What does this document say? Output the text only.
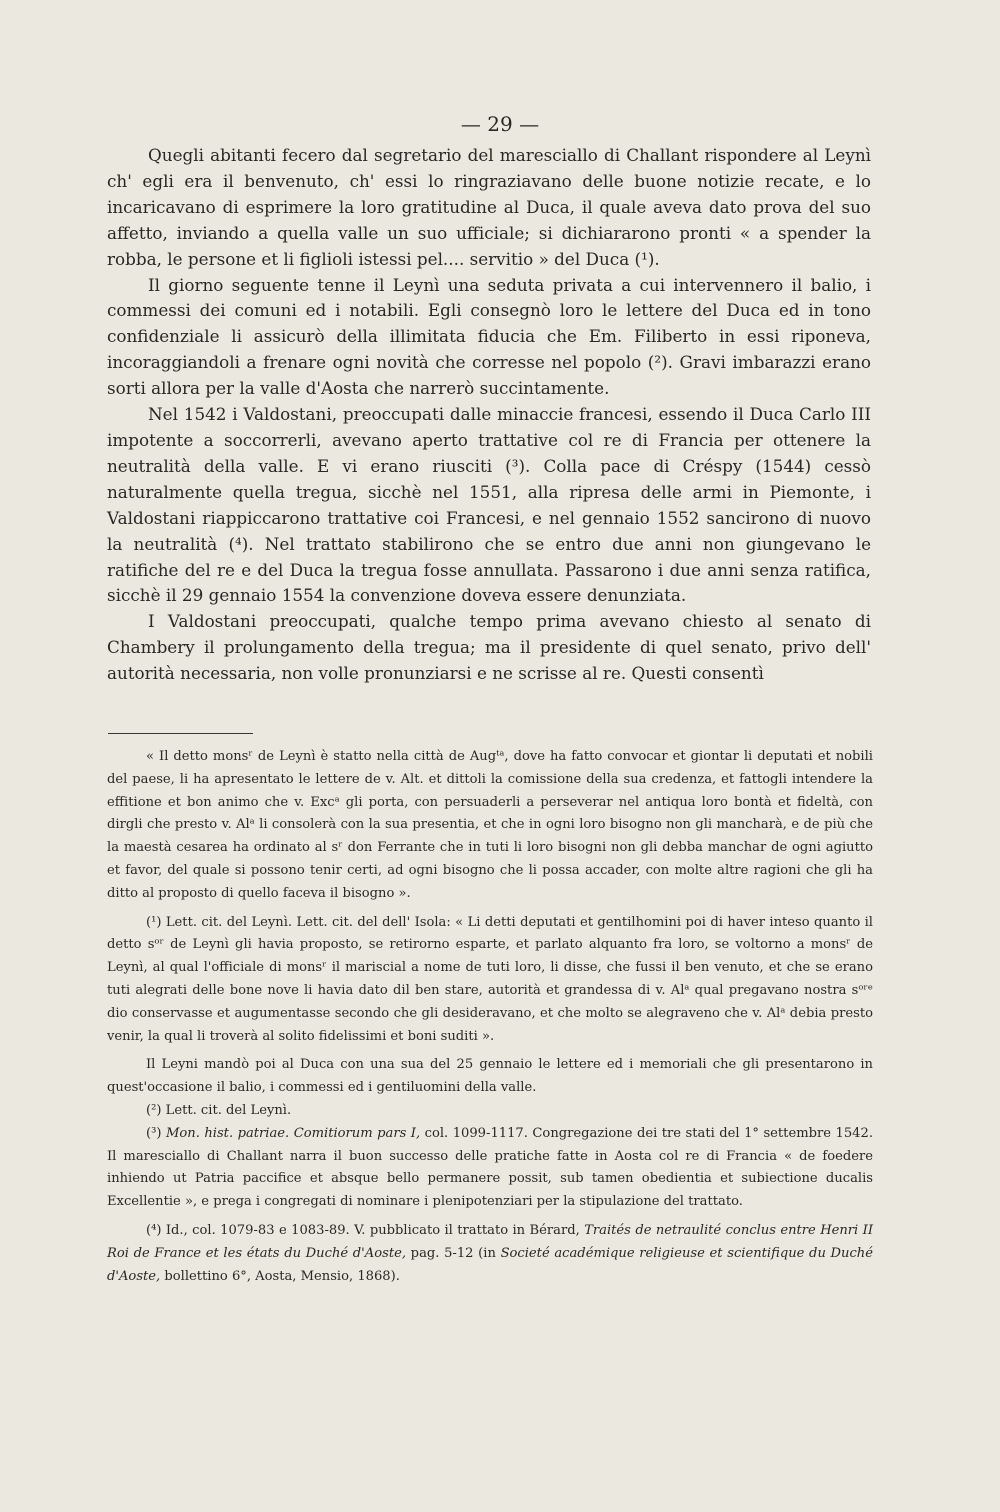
— 29 —

Quegli abitanti fecero dal segretario del maresciallo di Challant rispondere al Leynì ch' egli era il benvenuto, ch' essi lo ringraziavano delle buone notizie recate, e lo incaricavano di esprimere la loro gratitudine al Duca, il quale aveva dato prova del suo affetto, inviando a quella valle un suo ufficiale; si dichiararono pronti « a spender la robba, le persone et li figlioli istessi pel.... servitio » del Duca (¹).

Il giorno seguente tenne il Leynì una seduta privata a cui intervennero il balio, i commessi dei comuni ed i notabili. Egli consegnò loro le lettere del Duca ed in tono confidenziale li assicurò della illimitata fiducia che Em. Filiberto in essi riponeva, incoraggiandoli a frenare ogni novità che corresse nel popolo (²). Gravi imbarazzi erano sorti allora per la valle d'Aosta che narrerò succintamente.

Nel 1542 i Valdostani, preoccupati dalle minaccie francesi, essendo il Duca Carlo III impotente a soccorrerli, avevano aperto trattative col re di Francia per ottenere la neutralità della valle. E vi erano riusciti (³). Colla pace di Créspy (1544) cessò naturalmente quella tregua, sicchè nel 1551, alla ripresa delle armi in Piemonte, i Valdostani riappiccarono trattative coi Francesi, e nel gennaio 1552 sancirono di nuovo la neutralità (⁴). Nel trattato stabilirono che se entro due anni non giungevano le ratifiche del re e del Duca la tregua fosse annullata. Passarono i due anni senza ratifica, sicchè il 29 gennaio 1554 la convenzione doveva essere denunziata.

I Valdostani preoccupati, qualche tempo prima avevano chiesto al senato di Chambery il prolungamento della tregua; ma il presidente di quel senato, privo dell' autorità necessaria, non volle pronunziarsi e ne scrisse al re. Questi consentì

« Il detto monsʳ de Leynì è statto nella città de Augᵗᵃ, dove ha fatto convocar et giontar li deputati et nobili del paese, li ha apresentato le lettere de v. Alt. et dittoli la comissione della sua credenza, et fattogli intendere la effitione et bon animo che v. Excᵃ gli porta, con persuaderli a perseverar nel antiqua loro bontà et fideltà, con dirgli che presto v. Alᵃ li consolerà con la sua presentia, et che in ogni loro bisogno non gli mancharà, e de più che la maestà cesarea ha ordinato al sʳ don Ferrante che in tuti li loro bisogni non gli debba manchar de ogni agiutto et favor, del quale si possono tenir certi, ad ogni bisogno che li possa accader, con molte altre ragioni che gli ha ditto al proposto di quello faceva il bisogno ».

(¹) Lett. cit. del Leynì. Lett. cit. del dell' Isola: « Li detti deputati et gentilhomini poi di haver inteso quanto il detto sᵒʳ de Leynì gli havia proposto, se retirorno esparte, et parlato alquanto fra loro, se voltorno a monsʳ de Leynì, al qual l'officiale di monsʳ il mariscial a nome de tuti loro, li disse, che fussi il ben venuto, et che se erano tuti alegrati delle bone nove li havia dato dil ben stare, autorità et grandessa di v. Alᵃ qual pregavano nostra sᵒʳᵉ dio conservasse et augumentasse secondo che gli desideravano, et che molto se alegraveno che v. Alᵃ debia presto venir, la qual li troverà al solito fidelissimi et boni suditi ».

Il Leyni mandò poi al Duca con una sua del 25 gennaio le lettere ed i memoriali che gli presentarono in quest'occasione il balio, i commessi ed i gentiluomini della valle.

(²) Lett. cit. del Leynì.

(³) Mon. hist. patriae. Comitiorum pars I, col. 1099-1117. Congregazione dei tre stati del 1° settembre 1542. Il maresciallo di Challant narra il buon successo delle pratiche fatte in Aosta col re di Francia « de foedere inhiendo ut Patria paccifice et absque bello permanere possit, sub tamen obedientia et subiectione ducalis Excellentie », e prega i congregati di nominare i plenipotenziari per la stipulazione del trattato.

(⁴) Id., col. 1079-83 e 1083-89. V. pubblicato il trattato in Bérard, Traités de netraulité conclus entre Henri II Roi de France et les états du Duché d'Aoste, pag. 5-12 (in Societé académique religieuse et scientifique du Duché d'Aoste, bollettino 6°, Aosta, Mensio, 1868).
